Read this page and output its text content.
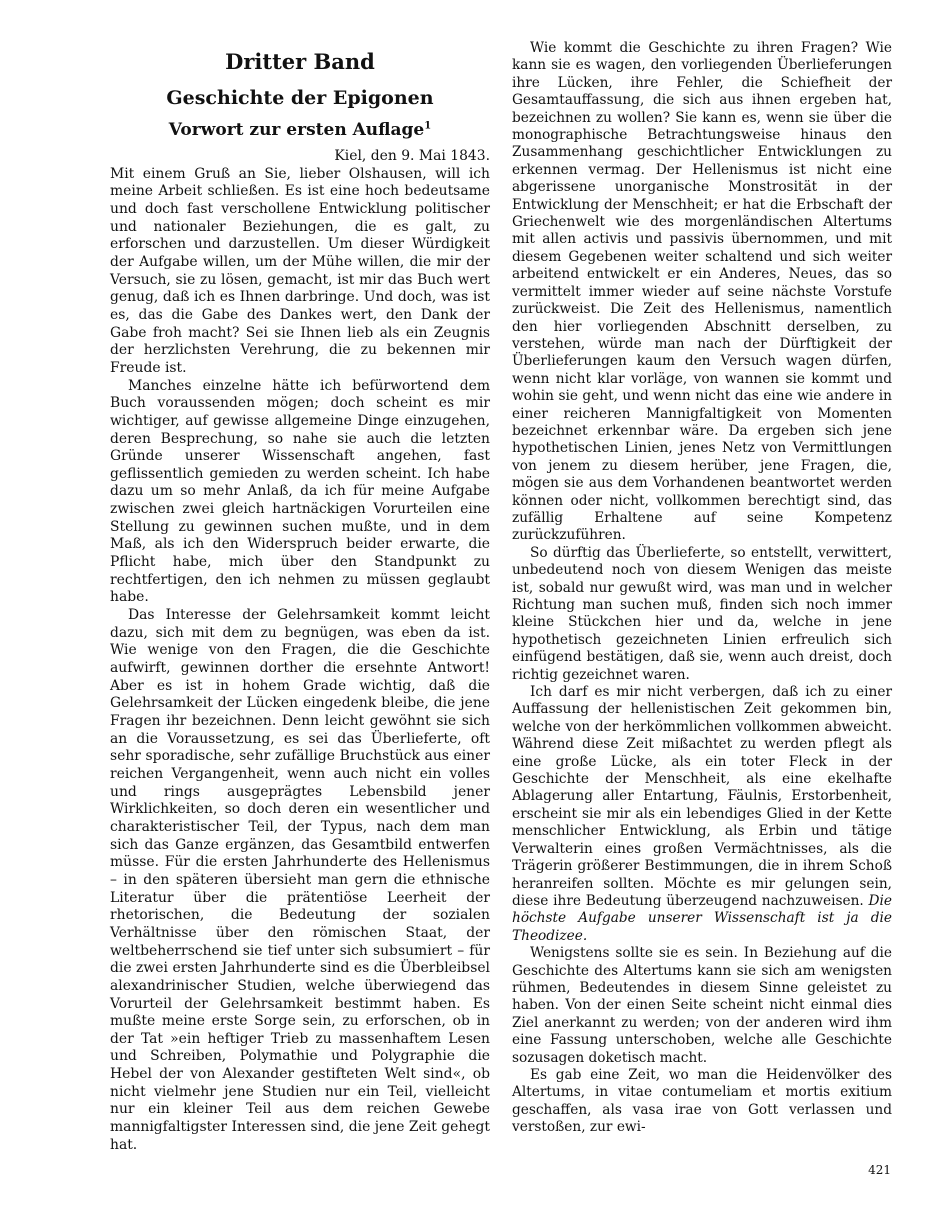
Dritter Band
Geschichte der Epigonen
Vorwort zur ersten Auflage$^1$

Kiel, den 9. Mai 1843.

Mit einem Gruß an Sie, lieber Olshausen, will ich meine Arbeit schließen. Es ist eine hoch bedeutsame und doch fast verschollene Entwicklung politischer und nationaler Beziehungen, die es galt, zu erforschen und darzustellen. Um dieser Würdigkeit der Aufgabe willen, um der Mühe willen, die mir der Versuch, sie zu lösen, gemacht, ist mir das Buch wert genug, daß ich es Ihnen darbringe. Und doch, was ist es, das die Gabe des Dankes wert, den Dank der Gabe froh macht? Sei sie Ihnen lieb als ein Zeugnis der herzlichsten Verehrung, die zu bekennen mir Freude ist.

Manches einzelne hätte ich befürwortend dem Buch voraussenden mögen; doch scheint es mir wichtiger, auf gewisse allgemeine Dinge einzugehen, deren Besprechung, so nahe sie auch die letzten Gründe unserer Wissenschaft angehen, fast geflissentlich gemieden zu werden scheint. Ich habe dazu um so mehr Anlaß, da ich für meine Aufgabe zwischen zwei gleich hartnäckigen Vorurteilen eine Stellung zu gewinnen suchen mußte, und in dem Maß, als ich den Widerspruch beider erwarte, die Pflicht habe, mich über den Standpunkt zu rechtfertigen, den ich nehmen zu müssen geglaubt habe.

Das Interesse der Gelehrsamkeit kommt leicht dazu, sich mit dem zu begnügen, was eben da ist. Wie wenige von den Fragen, die die Geschichte aufwirft, gewinnen dorther die ersehnte Antwort! Aber es ist in hohem Grade wichtig, daß die Gelehrsamkeit der Lücken eingedenk bleibe, die jene Fragen ihr bezeichnen. Denn leicht gewöhnt sie sich an die Voraussetzung, es sei das Überlieferte, oft sehr sporadische, sehr zufällige Bruchstück aus einer reichen Vergangenheit, wenn auch nicht ein volles und rings ausgeprägtes Lebensbild jener Wirklichkeiten, so doch deren ein wesentlicher und charakteristischer Teil, der Typus, nach dem man sich das Ganze ergänzen, das Gesamtbild entwerfen müsse. Für die ersten Jahrhunderte des Hellenismus – in den späteren übersieht man gern die ethnische Literatur über die prätentiöse Leerheit der rhetorischen, die Bedeutung der sozialen Verhältnisse über den römischen Staat, der weltbeherrschend sie tief unter sich subsumiert – für die zwei ersten Jahrhunderte sind es die Überbleibsel alexandrinischer Studien, welche überwiegend das Vorurteil der Gelehrsamkeit bestimmt haben. Es mußte meine erste Sorge sein, zu erforschen, ob in der Tat »ein heftiger Trieb zu massenhaftem Lesen und Schreiben, Polymathie und Polygraphie die Hebel der von Alexander gestifteten Welt sind«, ob nicht vielmehr jene Studien nur ein Teil, vielleicht nur ein kleiner Teil aus dem reichen Gewebe mannigfaltigster Interessen sind, die jene Zeit gehegt hat.

Wie kommt die Geschichte zu ihren Fragen? Wie kann sie es wagen, den vorliegenden Überlieferungen ihre Lücken, ihre Fehler, die Schiefheit der Gesamtauffassung, die sich aus ihnen ergeben hat, bezeichnen zu wollen? Sie kann es, wenn sie über die monographische Betrachtungsweise hinaus den Zusammenhang geschichtlicher Entwicklungen zu erkennen vermag. Der Hellenismus ist nicht eine abgerissene unorganische Monstrosität in der Entwicklung der Menschheit; er hat die Erbschaft der Griechenwelt wie des morgenländischen Altertums mit allen activis und passivis übernommen, und mit diesem Gegebenen weiter schaltend und sich weiter arbeitend entwickelt er ein Anderes, Neues, das so vermittelt immer wieder auf seine nächste Vorstufe zurückweist. Die Zeit des Hellenismus, namentlich den hier vorliegenden Abschnitt derselben, zu verstehen, würde man nach der Dürftigkeit der Überlieferungen kaum den Versuch wagen dürfen, wenn nicht klar vorläge, von wannen sie kommt und wohin sie geht, und wenn nicht das eine wie andere in einer reicheren Mannigfaltigkeit von Momenten bezeichnet erkennbar wäre. Da ergeben sich jene hypothetischen Linien, jenes Netz von Vermittlungen von jenem zu diesem herüber, jene Fragen, die, mögen sie aus dem Vorhandenen beantwortet werden können oder nicht, vollkommen berechtigt sind, das zufällig Erhaltene auf seine Kompetenz zurückzuführen.

So dürftig das Überlieferte, so entstellt, verwittert, unbedeutend noch von diesem Wenigen das meiste ist, sobald nur gewußt wird, was man und in welcher Richtung man suchen muß, finden sich noch immer kleine Stückchen hier und da, welche in jene hypothetisch gezeichneten Linien erfreulich sich einfügend bestätigen, daß sie, wenn auch dreist, doch richtig gezeichnet waren.

Ich darf es mir nicht verbergen, daß ich zu einer Auffassung der hellenistischen Zeit gekommen bin, welche von der herkömmlichen vollkommen abweicht. Während diese Zeit mißachtet zu werden pflegt als eine große Lücke, als ein toter Fleck in der Geschichte der Menschheit, als eine ekelhafte Ablagerung aller Entartung, Fäulnis, Erstorbenheit, erscheint sie mir als ein lebendiges Glied in der Kette menschlicher Entwicklung, als Erbin und tätige Verwalterin eines großen Vermächtnisses, als die Trägerin größerer Bestimmungen, die in ihrem Schoß heranreifen sollten. Möchte es mir gelungen sein, diese ihre Bedeutung überzeugend nachzuweisen. Die höchste Aufgabe unserer Wissenschaft ist ja die Theodizee.

Wenigstens sollte sie es sein. In Beziehung auf die Geschichte des Altertums kann sie sich am wenigsten rühmen, Bedeutendes in diesem Sinne geleistet zu haben. Von der einen Seite scheint nicht einmal dies Ziel anerkannt zu werden; von der anderen wird ihm eine Fassung unterschoben, welche alle Geschichte sozusagen doketisch macht.

Es gab eine Zeit, wo man die Heidenvölker des Altertums, in vitae contumeliam et mortis exitium geschaffen, als vasa irae von Gott verlassen und verstoßen, zur ewi-

421
